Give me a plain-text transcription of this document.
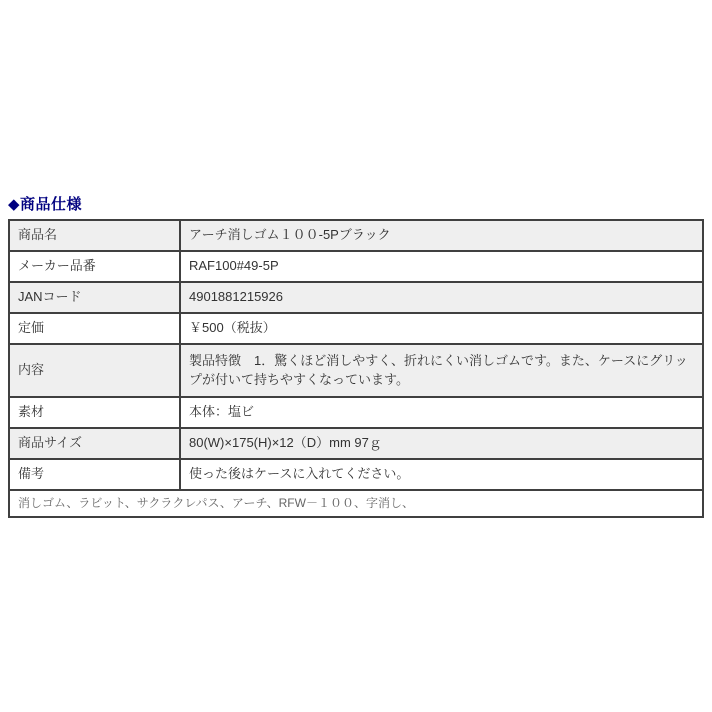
◆商品仕様
商品名	アーチ消しゴム１００-5Pブラック
メーカー品番	RAF100#49-5P
JANコード	4901881215926
定価	￥500（税抜）
内容	製品特徴　1．驚くほど消しやすく、折れにくい消しゴムです。また、ケースにグリップが付いて持ちやすくなっています。
素材	本体：塩ビ
商品サイズ	80(W)×175(H)×12（D）mm 97ｇ
備考	使った後はケースに入れてください。
消しゴム、ラビット、サクラクレパス、アーチ、RFW－１００、字消し、	
